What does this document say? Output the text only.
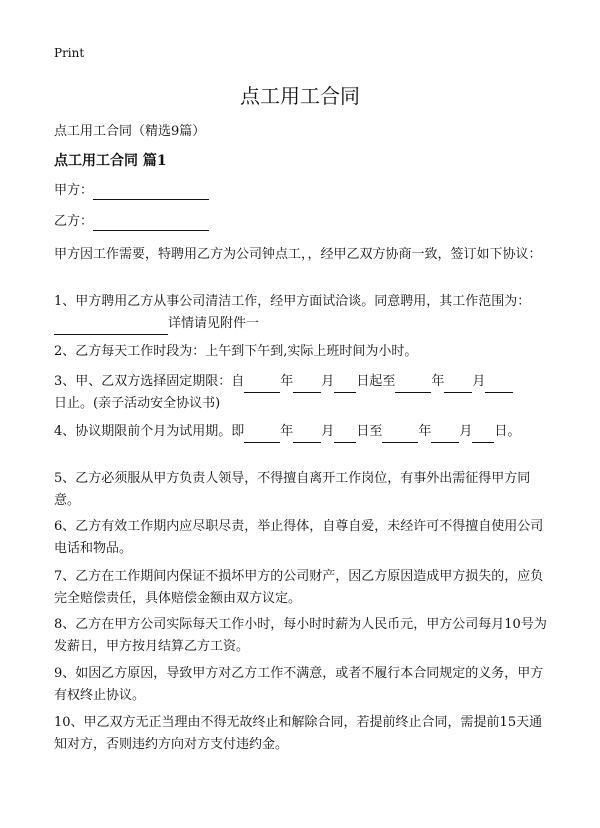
Print
点工用工合同
点工用工合同（精选9篇）
点工用工合同 篇1
甲方：
乙方：

甲方因工作需要，特聘用乙方为公司钟点工，，经甲乙双方协商一致，签订如下协议：

1、甲方聘用乙方从事公司清洁工作，经甲方面试洽谈。同意聘用，其工作范围为：
详情请见附件一

2、乙方每天工作时段为：上午到下午到,实际上班时间为小时。

3、甲、乙双方选择固定期限：自	年 月 日起至	年 月
日止。(亲子活动安全协议书)

4、协议期限前个月为试用期。即	年 月 日至	年 月 日。

5、乙方必须服从甲方负责人领导，不得擅自离开工作岗位，有事外出需征得甲方同意。

6、乙方有效工作期内应尽职尽责，举止得体，自尊自爱，未经许可不得擅自使用公司电话和物品。

7、乙方在工作期间内保证不损坏甲方的公司财产，因乙方原因造成甲方损失的，应负完全赔偿责任，具体赔偿金额由双方议定。

8、乙方在甲方公司实际每天工作小时，每小时时薪为人民币元，甲方公司每月10号为发薪日，甲方按月结算乙方工资。

9、如因乙方原因，导致甲方对乙方工作不满意，或者不履行本合同规定的义务，甲方有权终止协议。

10、甲乙双方无正当理由不得无故终止和解除合同，若提前终止合同，需提前15天通知对方，否则违约方向对方支付违约金。
